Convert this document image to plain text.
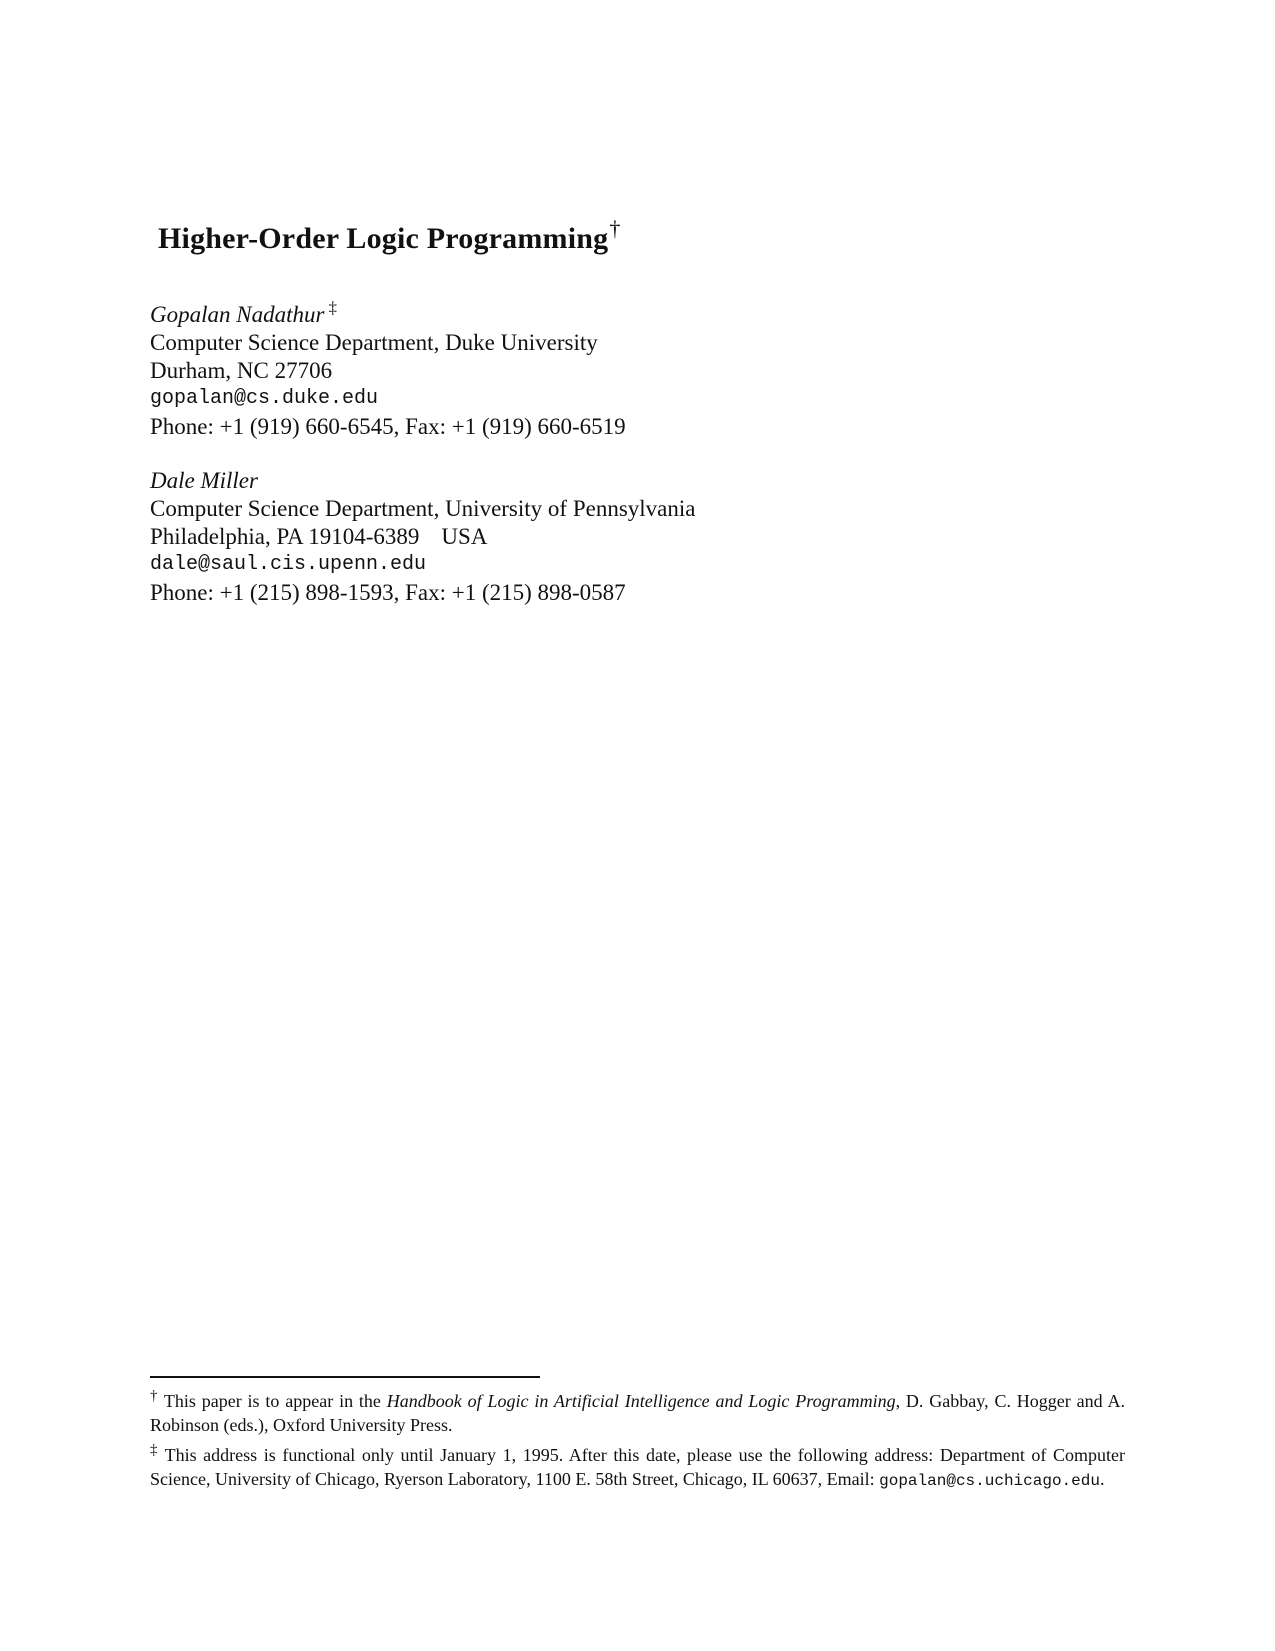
Higher-Order Logic Programming†
Gopalan Nadathur ‡
Computer Science Department, Duke University
Durham, NC 27706
gopalan@cs.duke.edu
Phone: +1 (919) 660-6545, Fax: +1 (919) 660-6519
Dale Miller
Computer Science Department, University of Pennsylvania
Philadelphia, PA 19104-6389 USA
dale@saul.cis.upenn.edu
Phone: +1 (215) 898-1593, Fax: +1 (215) 898-0587

† This paper is to appear in the Handbook of Logic in Artificial Intelligence and Logic Programming, D. Gabbay, C. Hogger and A. Robinson (eds.), Oxford University Press.

‡ This address is functional only until January 1, 1995. After this date, please use the following address: Department of Computer Science, University of Chicago, Ryerson Laboratory, 1100 E. 58th Street, Chicago, IL 60637, Email: gopalan@cs.uchicago.edu.
